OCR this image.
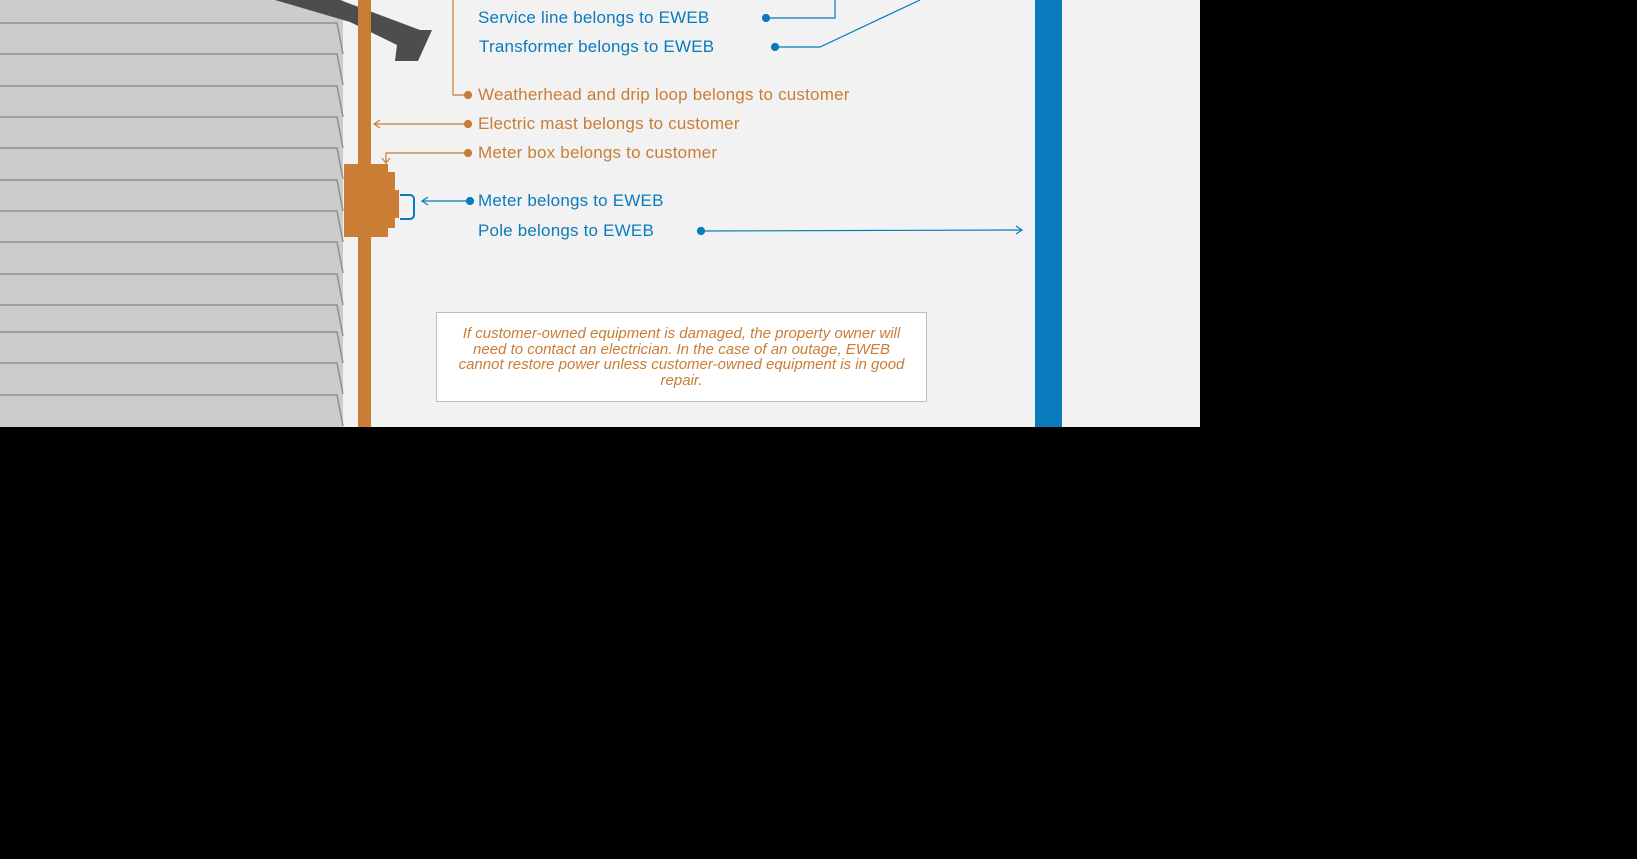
Service line belongs to EWEB
Transformer belongs to EWEB
Weatherhead and drip loop belongs to customer
Electric mast belongs to customer
Meter box belongs to customer
Meter belongs to EWEB
Pole belongs to EWEB
If customer-owned equipment is damaged, the property owner will need to contact an electrician. In the case of an outage, EWEB cannot restore power unless customer-owned equipment is in good repair.
